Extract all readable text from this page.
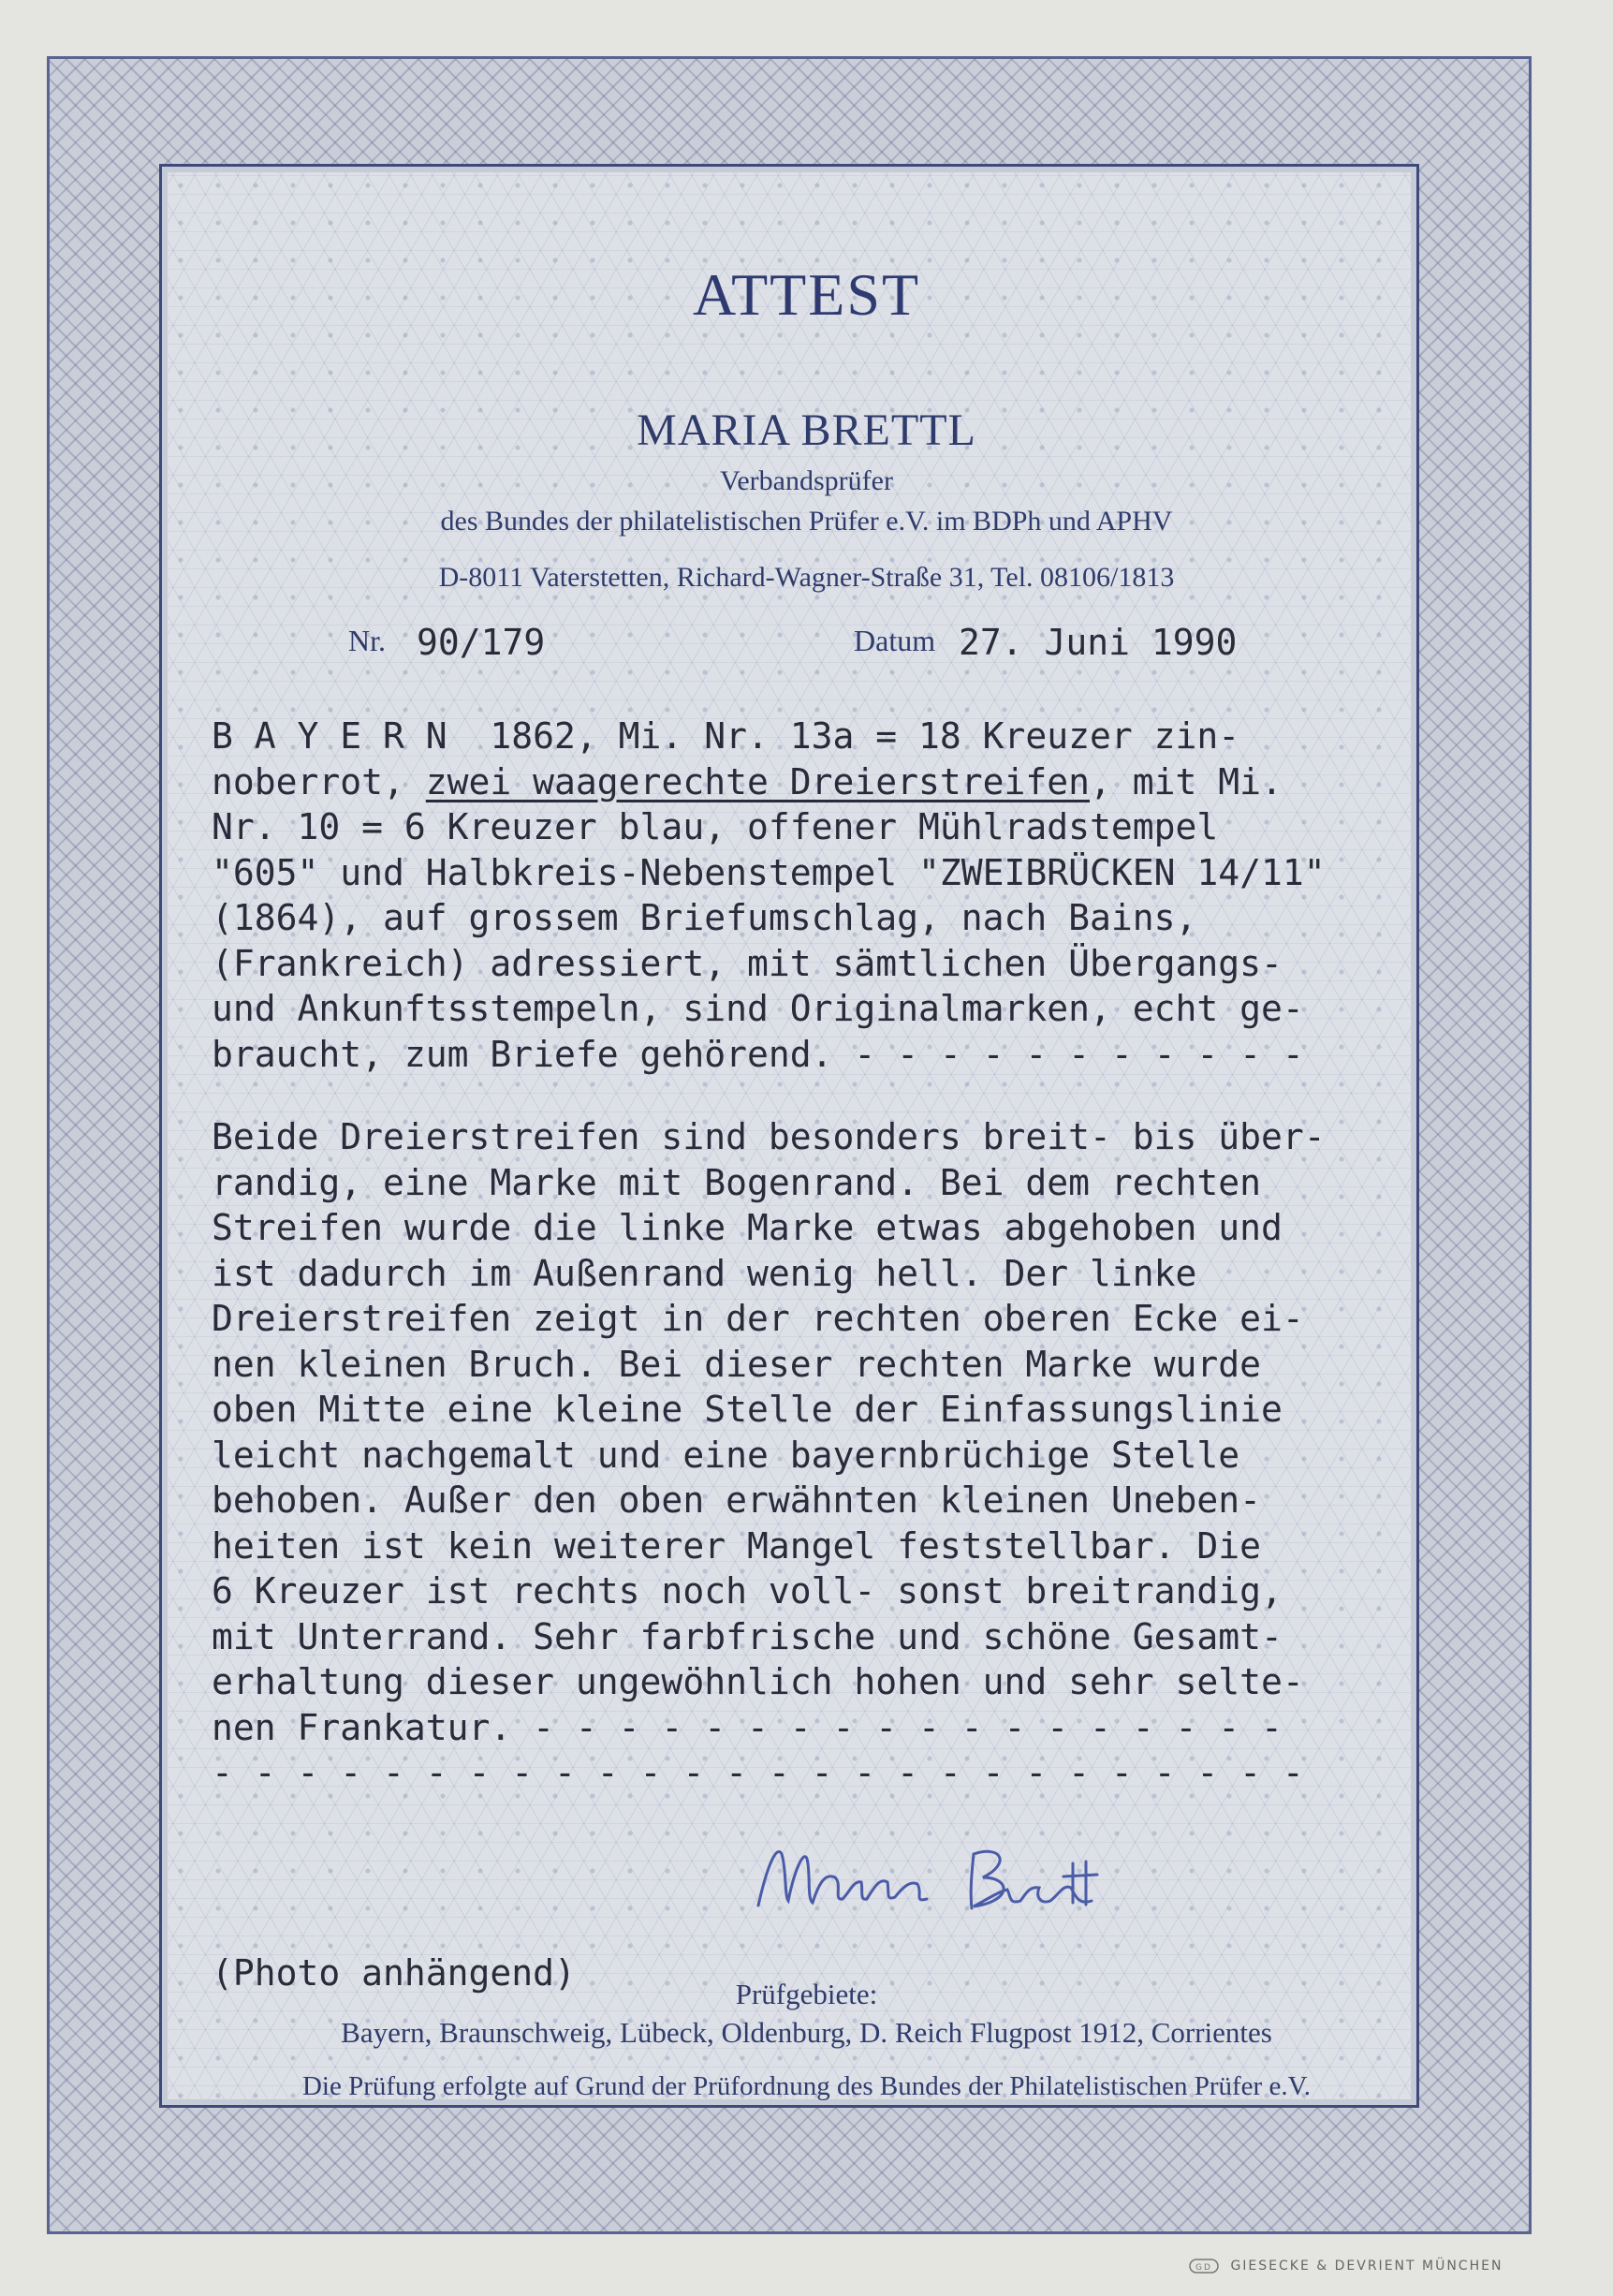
ATTEST
MARIA BRETTL
Verbandsprüfer
des Bundes der philatelistischen Prüfer e.V. im BDPh und APHV
D-8011 Vaterstetten, Richard-Wagner-Straße 31, Tel. 08106/1813
Nr. 90/179	Datum 27. Juni 1990
B A Y E R N  1862, Mi. Nr. 13a = 18 Kreuzer zin-
noberrot, zwei waagerechte Dreierstreifen, mit Mi.
Nr. 10 = 6 Kreuzer blau, offener Mühlradstempel
"605" und Halbkreis-Nebenstempel "ZWEIBRÜCKEN 14/11"
(1864), auf grossem Briefumschlag, nach Bains,
(Frankreich) adressiert, mit sämtlichen Übergangs-
und Ankunftsstempeln, sind Originalmarken, echt ge-
braucht, zum Briefe gehörend. - - - - - - - - - - -
Beide Dreierstreifen sind besonders breit- bis über-
randig, eine Marke mit Bogenrand. Bei dem rechten
Streifen wurde die linke Marke etwas abgehoben und
ist dadurch im Außenrand wenig hell. Der linke
Dreierstreifen zeigt in der rechten oberen Ecke ei-
nen kleinen Bruch. Bei dieser rechten Marke wurde
oben Mitte eine kleine Stelle der Einfassungslinie
leicht nachgemalt und eine bayernbrüchige Stelle
behoben. Außer den oben erwähnten kleinen Uneben-
heiten ist kein weiterer Mangel feststellbar. Die
6 Kreuzer ist rechts noch voll- sonst breitrandig,
mit Unterrand. Sehr farbfrische und schöne Gesamt-
erhaltung dieser ungewöhnlich hohen und sehr selte-
nen Frankatur. - - - - - - - - - - - - - - - - - -
- - - - - - - - - - - - - - - - - - - - - - - - - -
(Photo anhängend)
Prüfgebiete:
Bayern, Braunschweig, Lübeck, Oldenburg, D. Reich Flugpost 1912, Corrientes
Die Prüfung erfolgte auf Grund der Prüfordnung des Bundes der Philatelistischen Prüfer e.V.
GD GIESECKE & DEVRIENT MÜNCHEN
